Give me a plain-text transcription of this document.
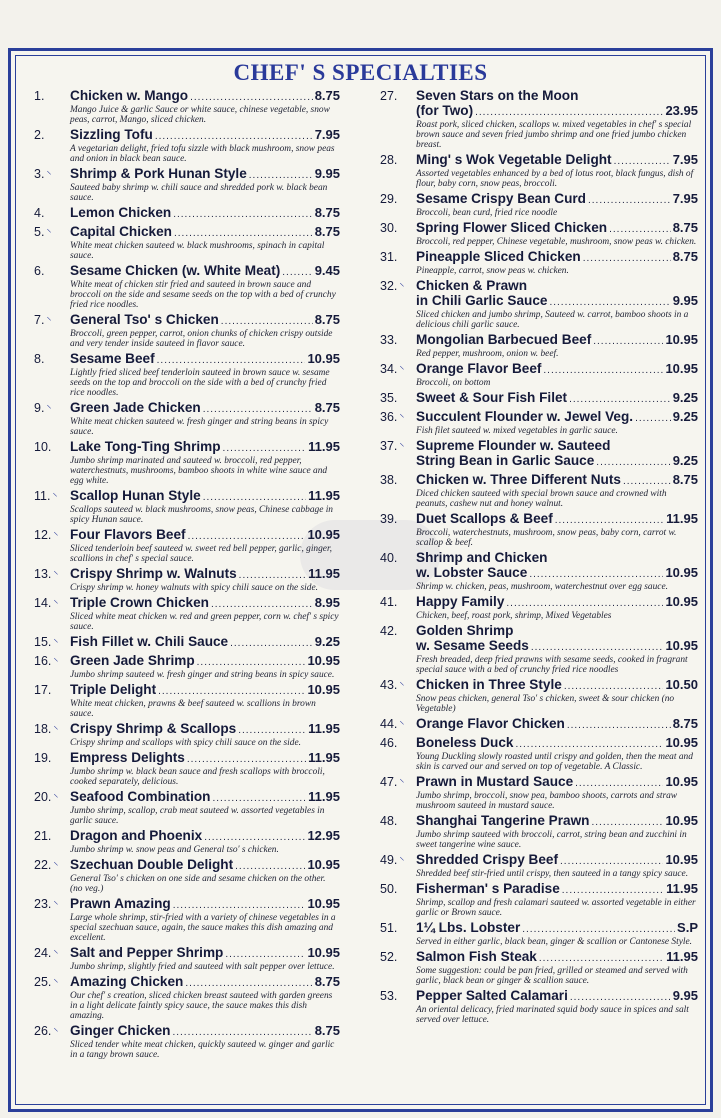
CHEF' S SPECIALTIES
1. Chicken w. Mango .....	8.75
Mango Juice & garlic Sauce or white sauce, chinese vegetable, snow peas, carrot, Mango, sliced chicken.
2. Sizzling Tofu .....	7.95
A vegetarian delight, fried tofu sizzle with black mushroom, snow peas and onion in black bean sauce.
3. ⸌ Shrimp & Pork Hunan Style .....	9.95
Sauteed baby shrimp w. chili sauce and shredded pork w. black bean sauce.
4. Lemon Chicken .....	8.75
5. ⸌ Capital Chicken .....	8.75
White meat chicken sauteed w. black mushrooms, spinach in capital sauce.
6. Sesame Chicken (w. White Meat) .....	9.45
White meat of chicken stir fried and sauteed in brown sauce and broccoli on the side and sesame seeds on the top with a bed of crunchy fried rice noodles.
7. ⸌ General Tso' s Chicken .....	8.75
Broccoli, green pepper, carrot, onion chunks of chicken crispy outside and very tender inside sauteed in flavor sauce.
8. Sesame Beef .....	10.95
Lightly fried sliced beef tenderloin sauteed in brown sauce w. sesame seeds on the top and broccoli on the side with a bed of crunchy fried rice noodles.
9. ⸌ Green Jade Chicken .....	8.75
White meat chicken sauteed w. fresh ginger and string beans in spicy sauce.
10. Lake Tong-Ting Shrimp .....	11.95
Jumbo shrimp marinated and sauteed w. broccoli, red pepper, waterchestnuts, mushrooms, bamboo shoots in white wine sauce and egg white.
11. ⸌ Scallop Hunan Style .....	11.95
Scallops sauteed w. black mushrooms, snow peas, Chinese cabbage in spicy Hunan sauce.
12. ⸌ Four Flavors Beef .....	10.95
Sliced tenderloin beef sauteed w. sweet red bell pepper, garlic, ginger, scallions in chef' s special sauce.
13. ⸌ Crispy Shrimp w. Walnuts .....	11.95
Crispy shrimp w. honey walnuts with spicy chili sauce on the side.
14. ⸌ Triple Crown Chicken .....	8.95
Sliced white meat chicken w. red and green pepper, corn w. chef' s spicy sauce.
15. ⸌ Fish Fillet w. Chili Sauce .....	9.25
16. ⸌ Green Jade Shrimp .....	10.95
Jumbo shrimp sauteed w. fresh ginger and string beans in spicy sauce.
17. Triple Delight .....	10.95
White meat chicken, prawns & beef sauteed w. scallions in brown sauce.
18. ⸌ Crispy Shrimp & Scallops .....	11.95
Crispy shrimp and scallops with spicy chili sauce on the side.
19. Empress Delights .....	11.95
Jumbo shrimp w. black bean sauce and fresh scallops with broccoli, cooked separately, delicious.
20. ⸌ Seafood Combination .....	11.95
Jumbo shrimp, scallop, crab meat sauteed w. assorted vegetables in garlic sauce.
21. Dragon and Phoenix .....	12.95
Jumbo shrimp w. snow peas and General tso' s chicken.
22. ⸌ Szechuan Double Delight .....	10.95
General Tso' s chicken on one side and sesame chicken on the other. (no veg.)
23. ⸌ Prawn Amazing .....	10.95
Large whole shrimp, stir-fried with a variety of chinese vegetables in a special szechuan sauce, again, the sauce makes this dish amazing and excellent.
24. ⸌ Salt and Pepper Shrimp .....	10.95
Jumbo shrimp, slightly fried and sauteed with salt pepper over lettuce.
25. ⸌ Amazing Chicken .....	8.75
Our chef' s creation, sliced chicken breast sauteed with garden greens in a light delicate faintly spicy sauce, the sauce makes this dish amazing.
26. ⸌ Ginger Chicken .....	8.75
Sliced tender white meat chicken, quickly sauteed w. ginger and garlic in a tangy brown sauce.
27. Seven Stars on the Moon
(for Two) .....	23.95
Roast pork, sliced chicken, scallops w. mixed vegetables in chef' s special brown sauce and seven fried jumbo shrimp and one fried jumbo chicken breast.
28. Ming' s Wok Vegetable Delight .....	7.95
Assorted vegetables enhanced by a bed of lotus root, black fungus, dish of flour, baby corn, snow peas, broccoli.
29. Sesame Crispy Bean Curd .....	7.95
Broccoli, bean curd, fried rice noodle
30. Spring Flower Sliced Chicken .....	8.75
Broccoli, red pepper, Chinese vegetable, mushroom, snow peas w. chicken.
31. Pineapple Sliced Chicken .....	8.75
Pineapple, carrot, snow peas w. chicken.
32. ⸌ Chicken & Prawn
in Chili Garlic Sauce .....	9.95
Sliced chicken and jumbo shrimp, Sauteed w. carrot, bamboo shoots in a delicious chili garlic sauce.
33. Mongolian Barbecued Beef .....	10.95
Red pepper, mushroom, onion w. beef.
34. ⸌ Orange Flavor Beef .....	10.95
Broccoli, on bottom
35. Sweet & Sour Fish Filet .....	9.25
36. ⸌ Succulent Flounder w. Jewel Veg. .....	9.25
Fish filet sauteed w. mixed vegetables in garlic sauce.
37. ⸌ Supreme Flounder w. Sauteed
String Bean in Garlic Sauce .....	9.25
38. Chicken w. Three Different Nuts .....	8.75
Diced chicken sauteed with special brown sauce and crowned with peanuts, cashew nut and honey walnut.
39. Duet Scallops & Beef .....	11.95
Broccoli, waterchestnuts, mushroom, snow peas, baby corn, carrot w. scallop & beef.
40. Shrimp and Chicken
w. Lobster Sauce .....	10.95
Shrimp w. chicken, peas, mushroom, waterchestnut over egg sauce.
41. Happy Family .....	10.95
Chicken, beef, roast pork, shrimp, Mixed Vegetables
42. Golden Shrimp
w. Sesame Seeds .....	10.95
Fresh breaded, deep fried prawns with sesame seeds, cooked in fragrant special sauce with a bed of crunchy fried rice noodles
43. ⸌ Chicken in Three Style .....	10.50
Snow peas chicken, general Tso' s chicken, sweet & sour chicken (no Vegetable)
44. ⸌ Orange Flavor Chicken .....	8.75
46. Boneless Duck .....	10.95
Young Duckling slowly roasted until crispy and golden, then the meat and skin is carved our and served on top of vegetable. A Classic.
47. ⸌ Prawn in Mustard Sauce .....	10.95
Jumbo shrimp, broccoli, snow pea, bamboo shoots, carrots and straw mushroom sauteed in mustard sauce.
48. Shanghai Tangerine Prawn .....	10.95
Jumbo shrimp sauteed with broccoli, carrot, string bean and zucchini in sweet tangerine wine sauce.
49. ⸌ Shredded Crispy Beef .....	10.95
Shredded beef stir-fried until crispy, then sauteed in a tangy spicy sauce.
50. Fisherman' s Paradise .....	11.95
Shrimp, scallop and fresh calamari sauteed w. assorted vegetable in either garlic or Brown sauce.
51. 1¼ Lbs. Lobster .....	S.P
Served in either garlic, black bean, ginger & scallion or Cantonese Style.
52. Salmon Fish Steak .....	11.95
Some suggestion: could be pan fried, grilled or steamed and served with garlic, black bean or ginger & scallion sauce.
53. Pepper Salted Calamari .....	9.95
An oriental delicacy, fried marinated squid body sauce in spices and salt served over lettuce.
